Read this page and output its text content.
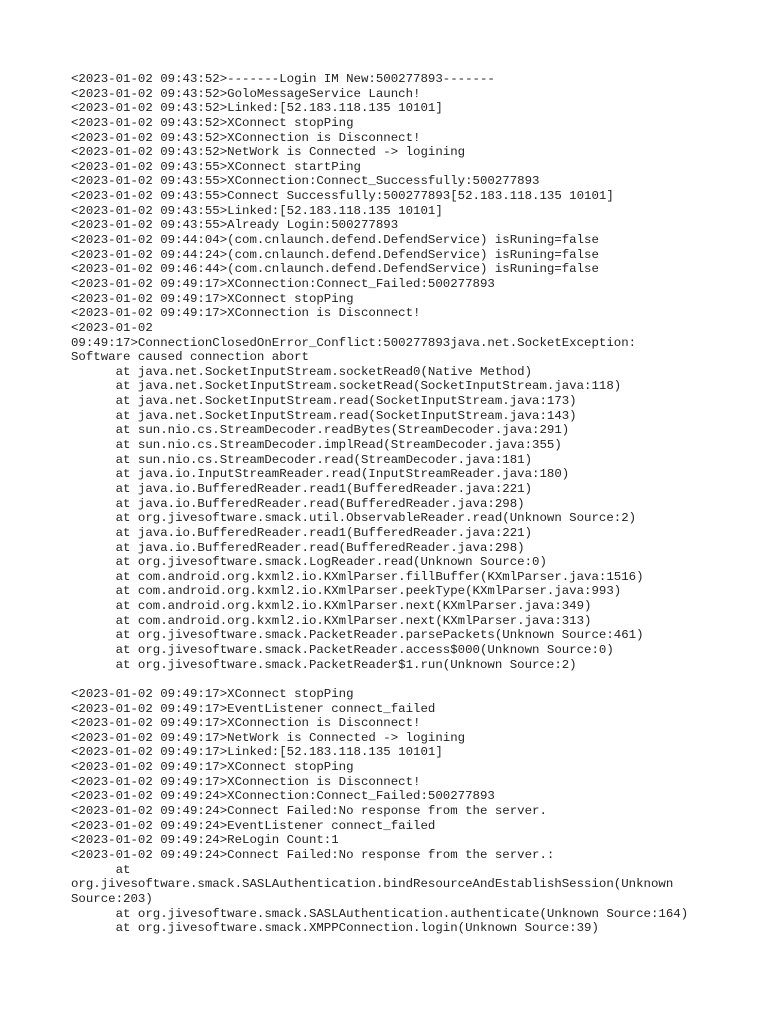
<2023-01-02 09:43:52>-------Login IM New:500277893-------
<2023-01-02 09:43:52>GoloMessageService Launch!
<2023-01-02 09:43:52>Linked:[52.183.118.135 10101]
<2023-01-02 09:43:52>XConnect stopPing
<2023-01-02 09:43:52>XConnection is Disconnect!
<2023-01-02 09:43:52>NetWork is Connected -> logining
<2023-01-02 09:43:55>XConnect startPing
<2023-01-02 09:43:55>XConnection:Connect_Successfully:500277893
<2023-01-02 09:43:55>Connect Successfully:500277893[52.183.118.135 10101]
<2023-01-02 09:43:55>Linked:[52.183.118.135 10101]
<2023-01-02 09:43:55>Already Login:500277893
<2023-01-02 09:44:04>(com.cnlaunch.defend.DefendService) isRuning=false
<2023-01-02 09:44:24>(com.cnlaunch.defend.DefendService) isRuning=false
<2023-01-02 09:46:44>(com.cnlaunch.defend.DefendService) isRuning=false
<2023-01-02 09:49:17>XConnection:Connect_Failed:500277893
<2023-01-02 09:49:17>XConnect stopPing
<2023-01-02 09:49:17>XConnection is Disconnect!
<2023-01-02
09:49:17>ConnectionClosedOnError_Conflict:500277893java.net.SocketException:
Software caused connection abort
at java.net.SocketInputStream.socketRead0(Native Method)
at java.net.SocketInputStream.socketRead(SocketInputStream.java:118)
at java.net.SocketInputStream.read(SocketInputStream.java:173)
at java.net.SocketInputStream.read(SocketInputStream.java:143)
at sun.nio.cs.StreamDecoder.readBytes(StreamDecoder.java:291)
at sun.nio.cs.StreamDecoder.implRead(StreamDecoder.java:355)
at sun.nio.cs.StreamDecoder.read(StreamDecoder.java:181)
at java.io.InputStreamReader.read(InputStreamReader.java:180)
at java.io.BufferedReader.read1(BufferedReader.java:221)
at java.io.BufferedReader.read(BufferedReader.java:298)
at org.jivesoftware.smack.util.ObservableReader.read(Unknown Source:2)
at java.io.BufferedReader.read1(BufferedReader.java:221)
at java.io.BufferedReader.read(BufferedReader.java:298)
at org.jivesoftware.smack.LogReader.read(Unknown Source:0)
at com.android.org.kxml2.io.KXmlParser.fillBuffer(KXmlParser.java:1516)
at com.android.org.kxml2.io.KXmlParser.peekType(KXmlParser.java:993)
at com.android.org.kxml2.io.KXmlParser.next(KXmlParser.java:349)
at com.android.org.kxml2.io.KXmlParser.next(KXmlParser.java:313)
at org.jivesoftware.smack.PacketReader.parsePackets(Unknown Source:461)
at org.jivesoftware.smack.PacketReader.access$000(Unknown Source:0)
at org.jivesoftware.smack.PacketReader$1.run(Unknown Source:2)
<2023-01-02 09:49:17>XConnect stopPing
<2023-01-02 09:49:17>EventListener connect_failed
<2023-01-02 09:49:17>XConnection is Disconnect!
<2023-01-02 09:49:17>NetWork is Connected -> logining
<2023-01-02 09:49:17>Linked:[52.183.118.135 10101]
<2023-01-02 09:49:17>XConnect stopPing
<2023-01-02 09:49:17>XConnection is Disconnect!
<2023-01-02 09:49:24>XConnection:Connect_Failed:500277893
<2023-01-02 09:49:24>Connect Failed:No response from the server.
<2023-01-02 09:49:24>EventListener connect_failed
<2023-01-02 09:49:24>ReLogin Count:1
<2023-01-02 09:49:24>Connect Failed:No response from the server.:
at
org.jivesoftware.smack.SASLAuthentication.bindResourceAndEstablishSession(Unknown
Source:203)
at org.jivesoftware.smack.SASLAuthentication.authenticate(Unknown Source:164)
at org.jivesoftware.smack.XMPPConnection.login(Unknown Source:39)
